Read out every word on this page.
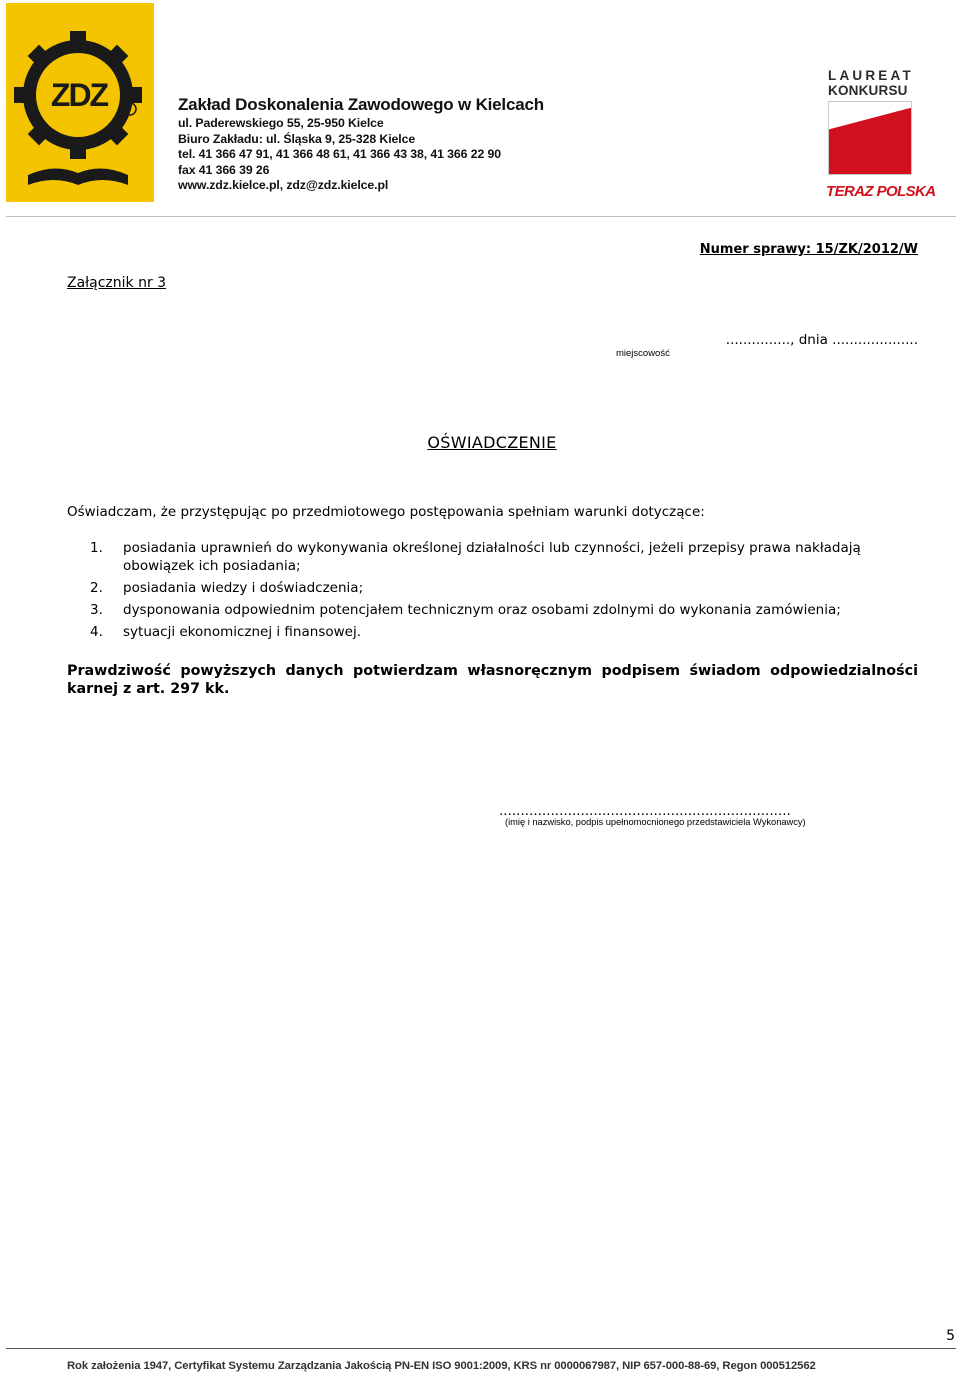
ZDZ	Zakład Doskonalenia Zawodowego w Kielcach
ul. Paderewskiego 55, 25-950 Kielce
Biuro Zakładu: ul. Śląska 9, 25-328 Kielce
tel. 41 366 47 91, 41 366 48 61, 41 366 43 38, 41 366 22 90
fax 41 366 39 26
www.zdz.kielce.pl, zdz@zdz.kielce.pl
LAUREAT
KONKURSU
TERAZ POLSKA
Numer sprawy: 15/ZK/2012/W
Załącznik nr 3
..............., dnia ....................
miejscowość
OŚWIADCZENIE
Oświadczam, że przystępując po przedmiotowego postępowania spełniam warunki dotyczące:
1. posiadania uprawnień do wykonywania określonej działalności lub czynności, jeżeli przepisy prawa nakładają obowiązek ich posiadania;
2. posiadania wiedzy i doświadczenia;
3. dysponowania odpowiednim potencjałem technicznym oraz osobami zdolnymi do wykonania zamówienia;
4. sytuacji ekonomicznej i finansowej.
Prawdziwość powyższych danych potwierdzam własnoręcznym podpisem świadom odpowiedzialności karnej z art. 297 kk.
....................................................................
(imię i nazwisko, podpis upełnomocnionego przedstawiciela Wykonawcy)
5
Rok założenia 1947, Certyfikat Systemu Zarządzania Jakością PN-EN ISO 9001:2009, KRS nr 0000067987, NIP 657-000-88-69, Regon 000512562
